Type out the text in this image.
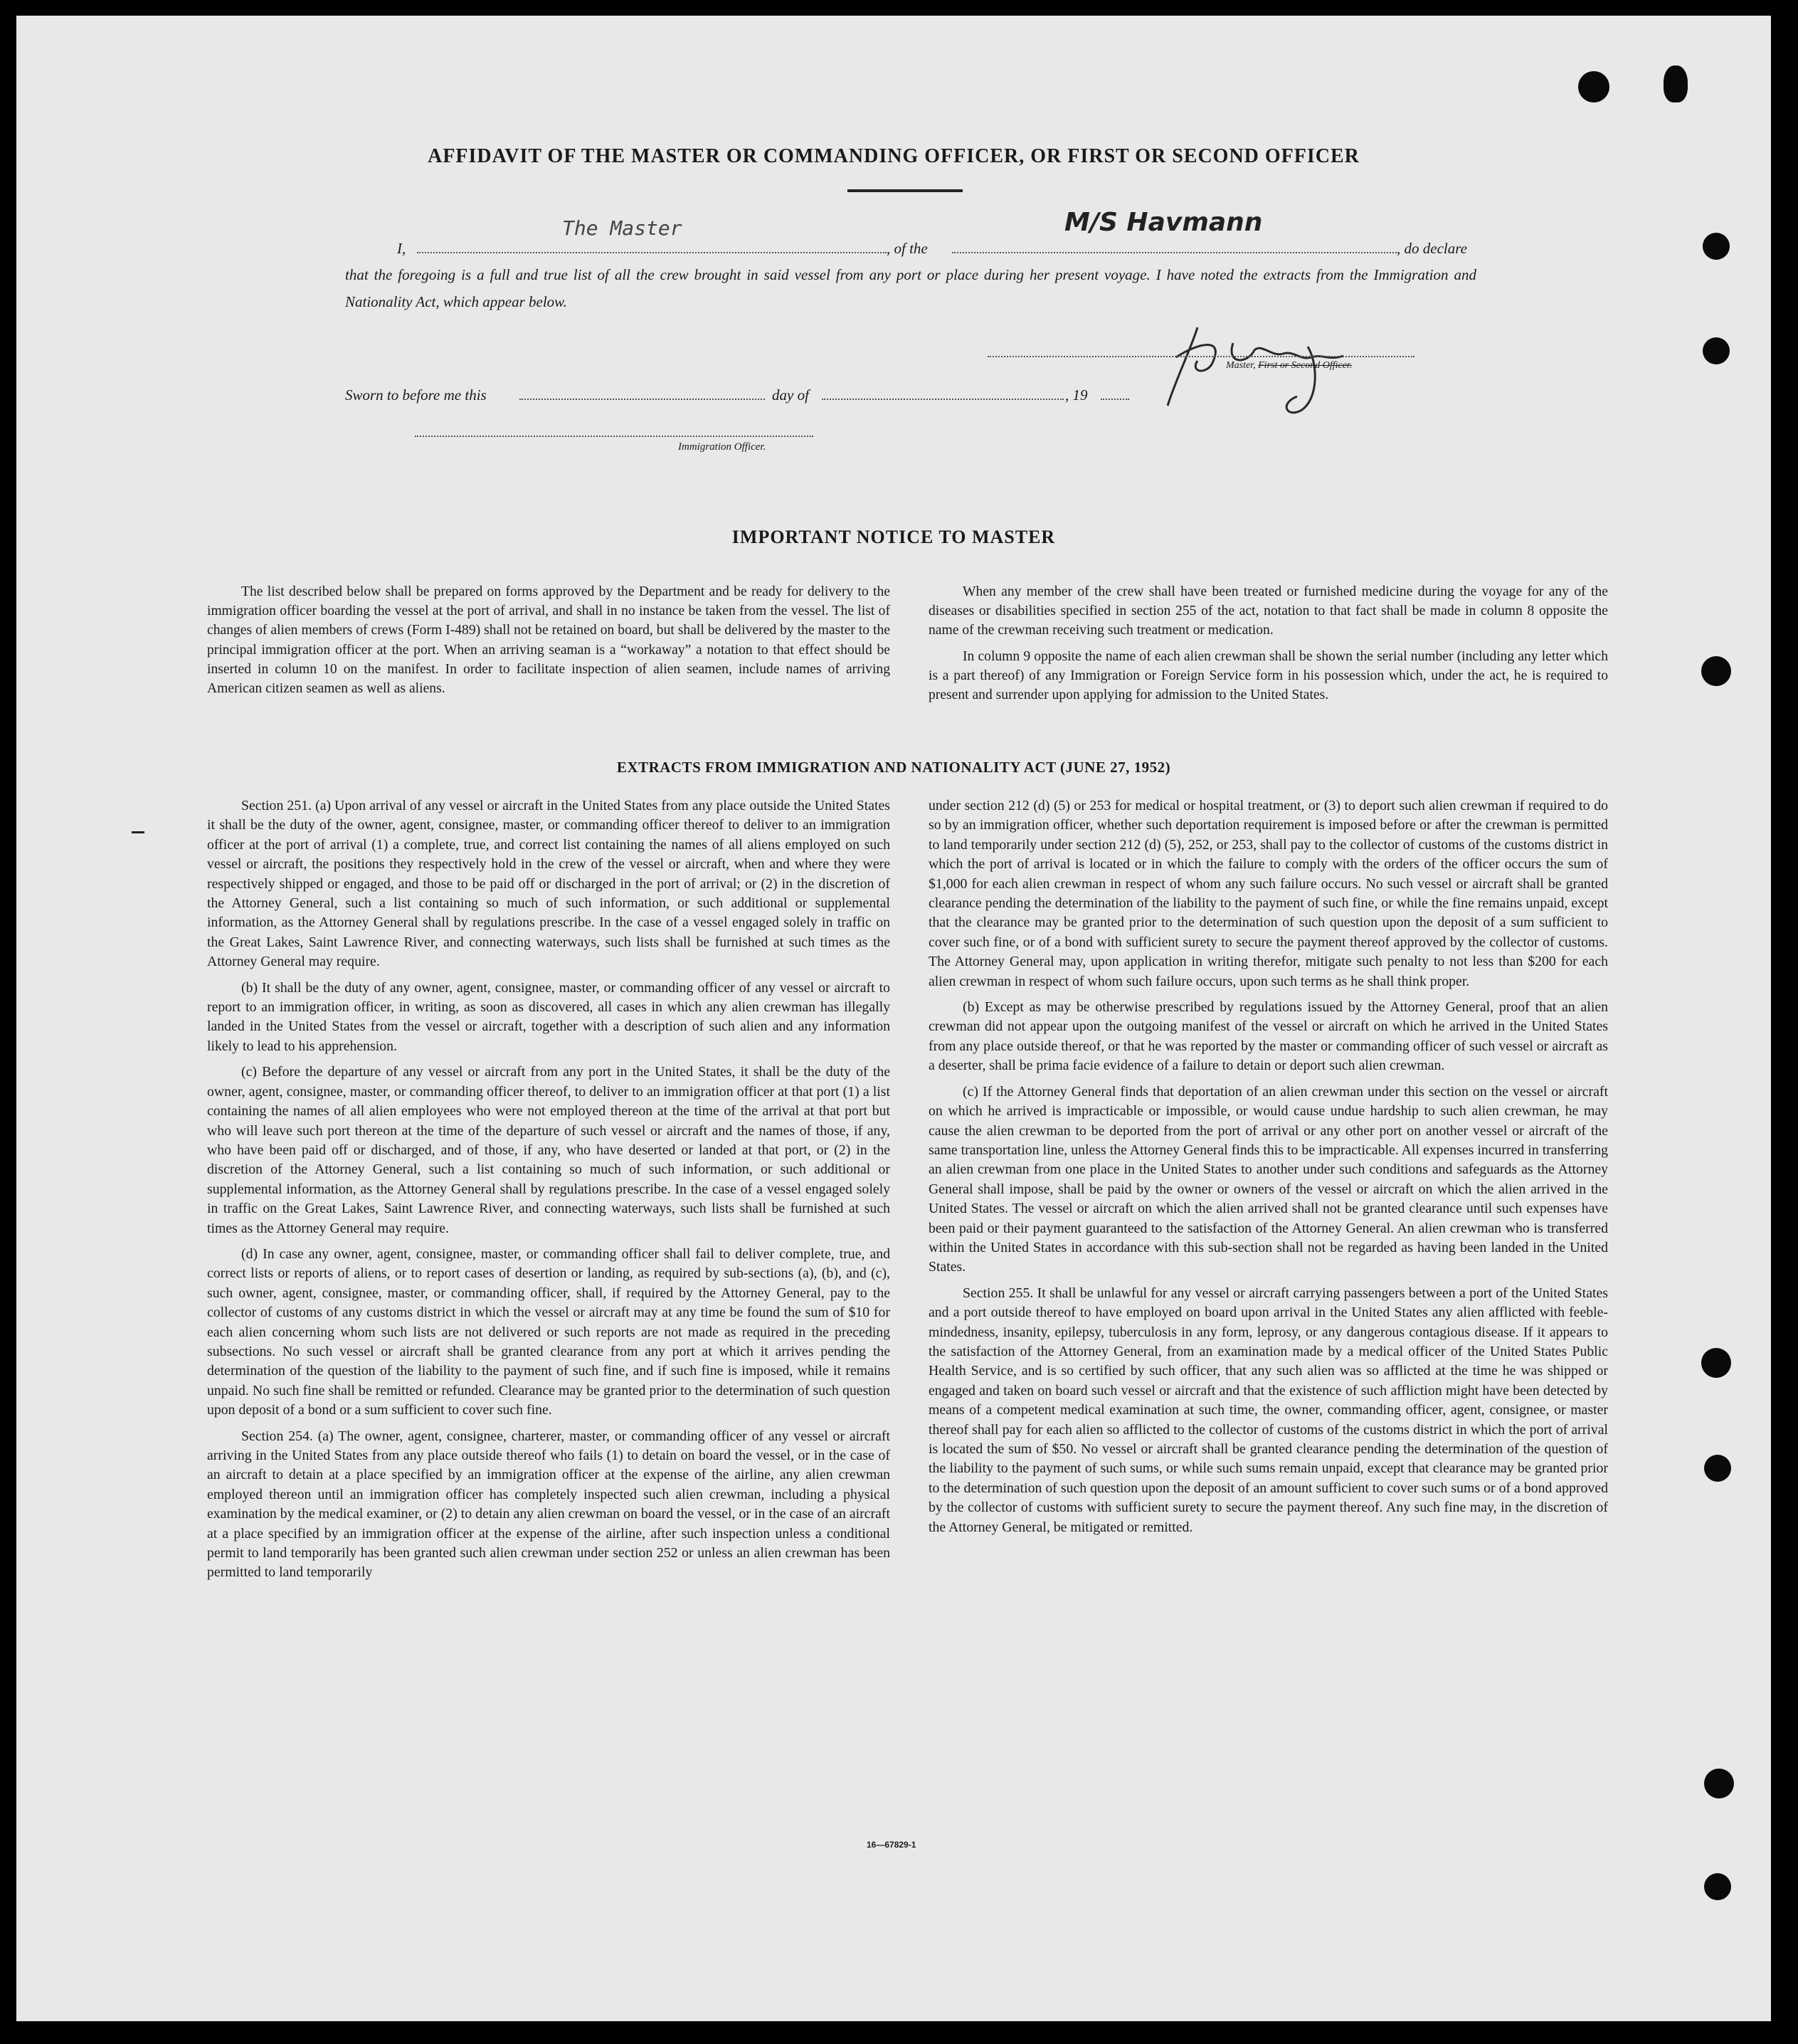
AFFIDAVIT OF THE MASTER OR COMMANDING OFFICER, OR FIRST OR SECOND OFFICER
I,
The Master
, of the
M/S Havmann
, do declare
that the foregoing is a full and true list of all the crew brought in said vessel from any port or place during her present voyage. I have noted the extracts from the Immigration and Nationality Act, which appear below.
Master, First or Second Officer.
Sworn to before me this	day of	, 19
Immigration Officer.
IMPORTANT NOTICE TO MASTER

The list described below shall be prepared on forms approved by the Department and be ready for delivery to the immigration officer boarding the vessel at the port of arrival, and shall in no instance be taken from the vessel. The list of changes of alien members of crews (Form I-489) shall not be retained on board, but shall be delivered by the master to the principal immigration officer at the port. When an arriving seaman is a “workaway” a notation to that effect should be inserted in column 10 on the manifest. In order to facilitate inspection of alien seamen, include names of arriving American citizen seamen as well as aliens.

When any member of the crew shall have been treated or furnished medicine during the voyage for any of the diseases or disabilities specified in section 255 of the act, notation to that fact shall be made in column 8 opposite the name of the crewman receiving such treatment or medication.

In column 9 opposite the name of each alien crewman shall be shown the serial number (including any letter which is a part thereof) of any Immigration or Foreign Service form in his possession which, under the act, he is required to present and surrender upon applying for admission to the United States.

EXTRACTS FROM IMMIGRATION AND NATIONALITY ACT (JUNE 27, 1952)

Section 251. (a) Upon arrival of any vessel or aircraft in the United States from any place outside the United States it shall be the duty of the owner, agent, consignee, master, or commanding officer thereof to deliver to an immigration officer at the port of arrival (1) a complete, true, and correct list containing the names of all aliens employed on such vessel or aircraft, the positions they respectively hold in the crew of the vessel or aircraft, when and where they were respectively shipped or engaged, and those to be paid off or discharged in the port of arrival; or (2) in the discretion of the Attorney General, such a list containing so much of such information, or such additional or supplemental information, as the Attorney General shall by regulations prescribe. In the case of a vessel engaged solely in traffic on the Great Lakes, Saint Lawrence River, and connecting waterways, such lists shall be furnished at such times as the Attorney General may require.

(b) It shall be the duty of any owner, agent, consignee, master, or commanding officer of any vessel or aircraft to report to an immigration officer, in writing, as soon as discovered, all cases in which any alien crewman has illegally landed in the United States from the vessel or aircraft, together with a description of such alien and any information likely to lead to his apprehension.

(c) Before the departure of any vessel or aircraft from any port in the United States, it shall be the duty of the owner, agent, consignee, master, or commanding officer thereof, to deliver to an immigration officer at that port (1) a list containing the names of all alien employees who were not employed thereon at the time of the arrival at that port but who will leave such port thereon at the time of the departure of such vessel or aircraft and the names of those, if any, who have been paid off or discharged, and of those, if any, who have deserted or landed at that port, or (2) in the discretion of the Attorney General, such a list containing so much of such information, or such additional or supplemental information, as the Attorney General shall by regulations prescribe. In the case of a vessel engaged solely in traffic on the Great Lakes, Saint Lawrence River, and connecting waterways, such lists shall be furnished at such times as the Attorney General may require.

(d) In case any owner, agent, consignee, master, or commanding officer shall fail to deliver complete, true, and correct lists or reports of aliens, or to report cases of desertion or landing, as required by sub-sections (a), (b), and (c), such owner, agent, consignee, master, or commanding officer, shall, if required by the Attorney General, pay to the collector of customs of any customs district in which the vessel or aircraft may at any time be found the sum of $10 for each alien concerning whom such lists are not delivered or such reports are not made as required in the preceding subsections. No such vessel or aircraft shall be granted clearance from any port at which it arrives pending the determination of the question of the liability to the payment of such fine, and if such fine is imposed, while it remains unpaid. No such fine shall be remitted or refunded. Clearance may be granted prior to the determination of such question upon deposit of a bond or a sum sufficient to cover such fine.

Section 254. (a) The owner, agent, consignee, charterer, master, or commanding officer of any vessel or aircraft arriving in the United States from any place outside thereof who fails (1) to detain on board the vessel, or in the case of an aircraft to detain at a place specified by an immigration officer at the expense of the airline, any alien crewman employed thereon until an immigration officer has completely inspected such alien crewman, including a physical examination by the medical examiner, or (2) to detain any alien crewman on board the vessel, or in the case of an aircraft at a place specified by an immigration officer at the expense of the airline, after such inspection unless a conditional permit to land temporarily has been granted such alien crewman under section 252 or unless an alien crewman has been permitted to land temporarily

under section 212 (d) (5) or 253 for medical or hospital treatment, or (3) to deport such alien crewman if required to do so by an immigration officer, whether such deportation requirement is imposed before or after the crewman is permitted to land temporarily under section 212 (d) (5), 252, or 253, shall pay to the collector of customs of the customs district in which the port of arrival is located or in which the failure to comply with the orders of the officer occurs the sum of $1,000 for each alien crewman in respect of whom any such failure occurs. No such vessel or aircraft shall be granted clearance pending the determination of the liability to the payment of such fine, or while the fine remains unpaid, except that the clearance may be granted prior to the determination of such question upon the deposit of a sum sufficient to cover such fine, or of a bond with sufficient surety to secure the payment thereof approved by the collector of customs. The Attorney General may, upon application in writing therefor, mitigate such penalty to not less than $200 for each alien crewman in respect of whom such failure occurs, upon such terms as he shall think proper.

(b) Except as may be otherwise prescribed by regulations issued by the Attorney General, proof that an alien crewman did not appear upon the outgoing manifest of the vessel or aircraft on which he arrived in the United States from any place outside thereof, or that he was reported by the master or commanding officer of such vessel or aircraft as a deserter, shall be prima facie evidence of a failure to detain or deport such alien crewman.

(c) If the Attorney General finds that deportation of an alien crewman under this section on the vessel or aircraft on which he arrived is impracticable or impossible, or would cause undue hardship to such alien crewman, he may cause the alien crewman to be deported from the port of arrival or any other port on another vessel or aircraft of the same transportation line, unless the Attorney General finds this to be impracticable. All expenses incurred in transferring an alien crewman from one place in the United States to another under such conditions and safeguards as the Attorney General shall impose, shall be paid by the owner or owners of the vessel or aircraft on which the alien arrived in the United States. The vessel or aircraft on which the alien arrived shall not be granted clearance until such expenses have been paid or their payment guaranteed to the satisfaction of the Attorney General. An alien crewman who is transferred within the United States in accordance with this sub-section shall not be regarded as having been landed in the United States.

Section 255. It shall be unlawful for any vessel or aircraft carrying passengers between a port of the United States and a port outside thereof to have employed on board upon arrival in the United States any alien afflicted with feeble-mindedness, insanity, epilepsy, tuberculosis in any form, leprosy, or any dangerous contagious disease. If it appears to the satisfaction of the Attorney General, from an examination made by a medical officer of the United States Public Health Service, and is so certified by such officer, that any such alien was so afflicted at the time he was shipped or engaged and taken on board such vessel or aircraft and that the existence of such affliction might have been detected by means of a competent medical examination at such time, the owner, commanding officer, agent, consignee, or master thereof shall pay for each alien so afflicted to the collector of customs of the customs district in which the port of arrival is located the sum of $50. No vessel or aircraft shall be granted clearance pending the determination of the question of the liability to the payment of such sums, or while such sums remain unpaid, except that clearance may be granted prior to the determination of such question upon the deposit of an amount sufficient to cover such sums or of a bond approved by the collector of customs with sufficient surety to secure the payment thereof. Any such fine may, in the discretion of the Attorney General, be mitigated or remitted.

16—67829-1
